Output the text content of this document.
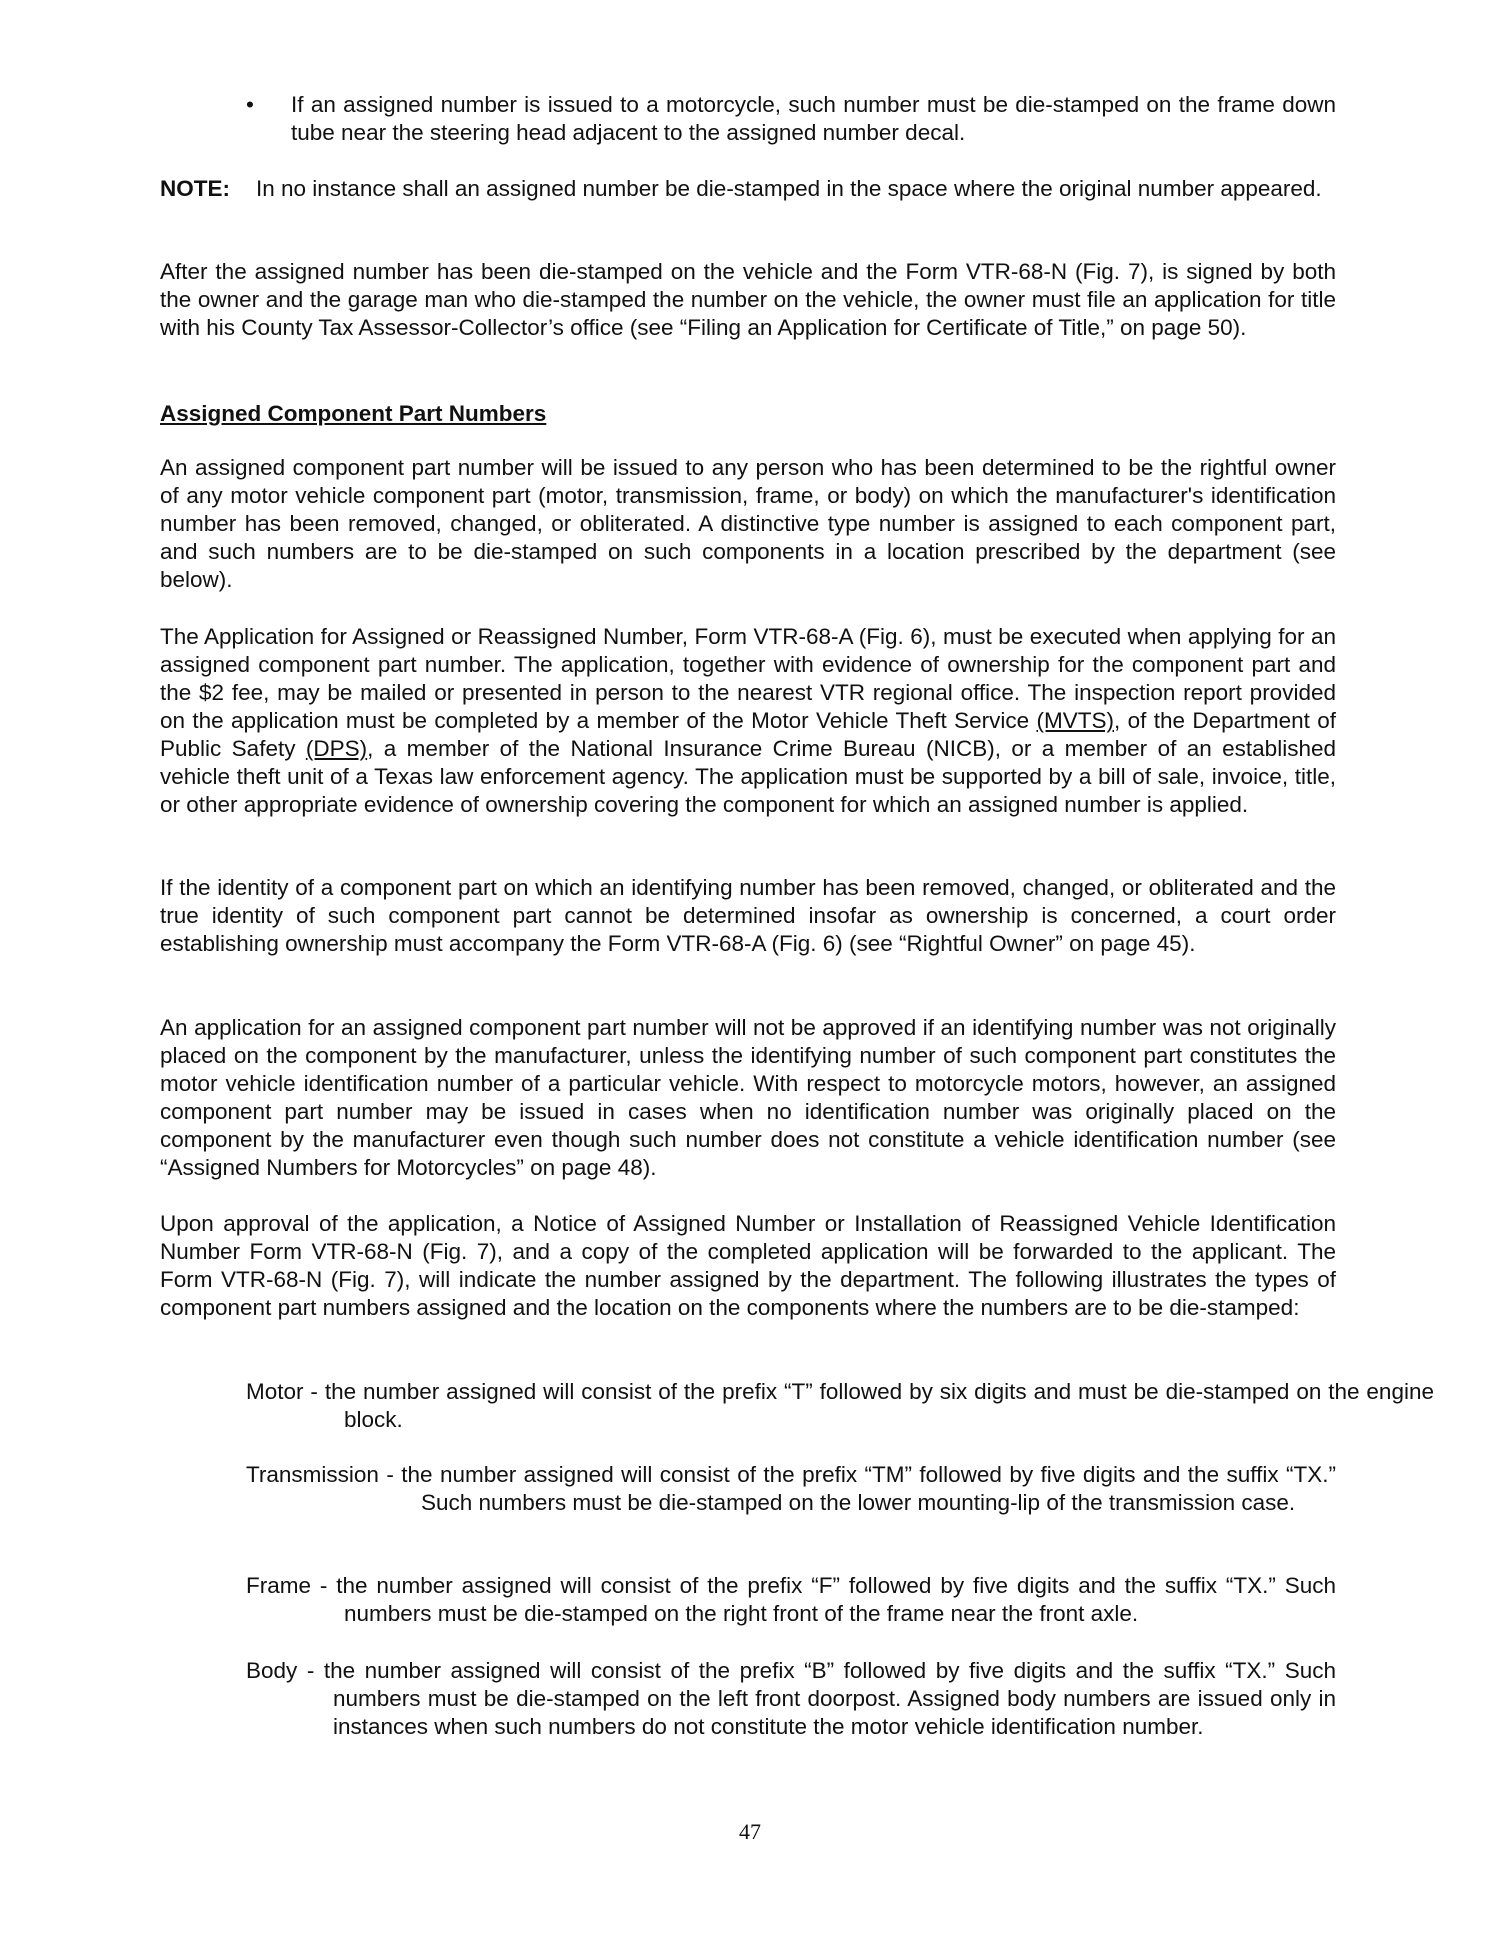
• If an assigned number is issued to a motorcycle, such number must be die-stamped on the frame down tube near the steering head adjacent to the assigned number decal.

NOTE: In no instance shall an assigned number be die-stamped in the space where the original number appeared.

After the assigned number has been die-stamped on the vehicle and the Form VTR-68-N (Fig. 7), is signed by both the owner and the garage man who die-stamped the number on the vehicle, the owner must file an application for title with his County Tax Assessor-Collector’s office (see “Filing an Application for Certificate of Title,” on page 50).

Assigned Component Part Numbers

An assigned component part number will be issued to any person who has been determined to be the rightful owner of any motor vehicle component part (motor, transmission, frame, or body) on which the manufacturer's identification number has been removed, changed, or obliterated. A distinctive type number is assigned to each component part, and such numbers are to be die-stamped on such components in a location prescribed by the department (see below).

The Application for Assigned or Reassigned Number, Form VTR-68-A (Fig. 6), must be executed when applying for an assigned component part number. The application, together with evidence of ownership for the component part and the $2 fee, may be mailed or presented in person to the nearest VTR regional office. The inspection report provided on the application must be completed by a member of the Motor Vehicle Theft Service (MVTS), of the Department of Public Safety (DPS), a member of the National Insurance Crime Bureau (NICB), or a member of an established vehicle theft unit of a Texas law enforcement agency. The application must be supported by a bill of sale, invoice, title, or other appropriate evidence of ownership covering the component for which an assigned number is applied.

If the identity of a component part on which an identifying number has been removed, changed, or obliterated and the true identity of such component part cannot be determined insofar as ownership is concerned, a court order establishing ownership must accompany the Form VTR-68-A (Fig. 6) (see “Rightful Owner” on page 45).

An application for an assigned component part number will not be approved if an identifying number was not originally placed on the component by the manufacturer, unless the identifying number of such component part constitutes the motor vehicle identification number of a particular vehicle. With respect to motorcycle motors, however, an assigned component part number may be issued in cases when no identification number was originally placed on the component by the manufacturer even though such number does not constitute a vehicle identification number (see “Assigned Numbers for Motorcycles” on page 48).

Upon approval of the application, a Notice of Assigned Number or Installation of Reassigned Vehicle Identification Number Form VTR-68-N (Fig. 7), and a copy of the completed application will be forwarded to the applicant. The Form VTR-68-N (Fig. 7), will indicate the number assigned by the department. The following illustrates the types of component part numbers assigned and the location on the components where the numbers are to be die-stamped:

Motor - the number assigned will consist of the prefix “T” followed by six digits and must be die-stamped on the engine block.

Transmission - the number assigned will consist of the prefix “TM” followed by five digits and the suffix “TX.” Such numbers must be die-stamped on the lower mounting-lip of the transmission case.

Frame - the number assigned will consist of the prefix “F” followed by five digits and the suffix “TX.” Such numbers must be die-stamped on the right front of the frame near the front axle.

Body - the number assigned will consist of the prefix “B” followed by five digits and the suffix “TX.” Such numbers must be die-stamped on the left front doorpost. Assigned body numbers are issued only in instances when such numbers do not constitute the motor vehicle identification number.

47
